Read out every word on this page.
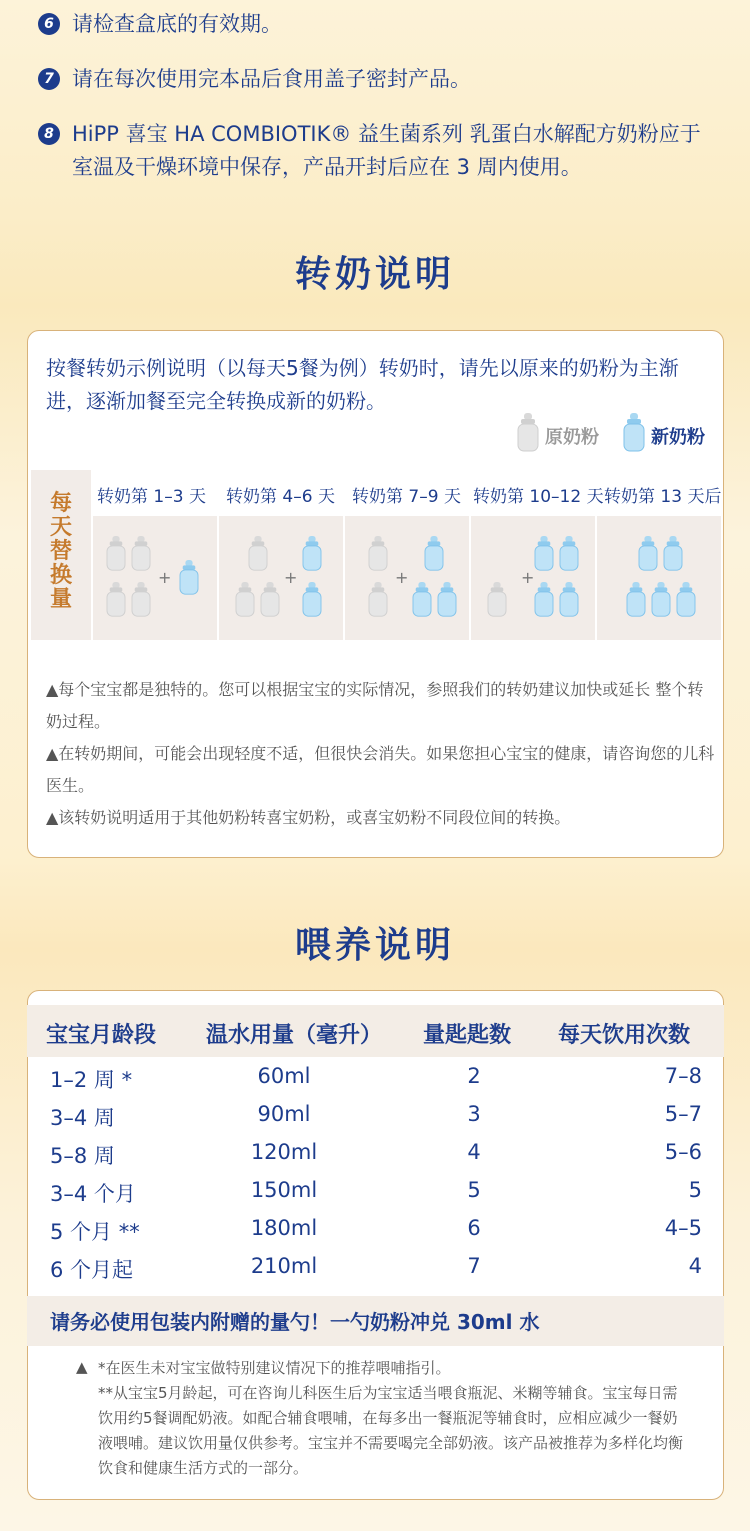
6 请检查盒底的有效期。
7 请在每次使用完本品后食用盖子密封产品。
8 HiPP 喜宝 HA COMBIOTIK® 益生菌系列 乳蛋白水解配方奶粉应于室温及干燥环境中保存，产品开封后应在 3 周内使用。
转奶说明
按餐转奶示例说明（以每天5餐为例）转奶时，请先以原来的奶粉为主渐进，逐渐加餐至完全转换成新的奶粉。
原奶粉	新奶粉
每天替换量
转奶第 1–3 天 转奶第 4–6 天 转奶第 7–9 天 转奶第 10–12 天 转奶第 13 天后
+	+	+	+
▲每个宝宝都是独特的。您可以根据宝宝的实际情况，参照我们的转奶建议加快或延长 整个转奶过程。
▲在转奶期间，可能会出现轻度不适，但很快会消失。如果您担心宝宝的健康，请咨询您的儿科医生。
▲该转奶说明适用于其他奶粉转喜宝奶粉，或喜宝奶粉不同段位间的转换。
喂养说明
宝宝月龄段 温水用量（毫升） 量匙匙数 每天饮用次数
1–2 周 *	60ml	2	7–8
3–4 周	90ml	3	5–7
5–8 周	120ml	4	5–6
3–4 个月	150ml	5	5
5 个月 **	180ml	6	4–5
6 个月起	210ml	7	4
请务必使用包装内附赠的量勺！一勺奶粉冲兑 30ml 水
▲ *在医生未对宝宝做特别建议情况下的推荐喂哺指引。
**从宝宝5月龄起，可在咨询儿科医生后为宝宝适当喂食瓶泥、米糊等辅食。宝宝每日需饮用约5餐调配奶液。如配合辅食喂哺，在每多出一餐瓶泥等辅食时，应相应减少一餐奶液喂哺。建议饮用量仅供参考。宝宝并不需要喝完全部奶液。该产品被推荐为多样化均衡饮食和健康生活方式的一部分。
